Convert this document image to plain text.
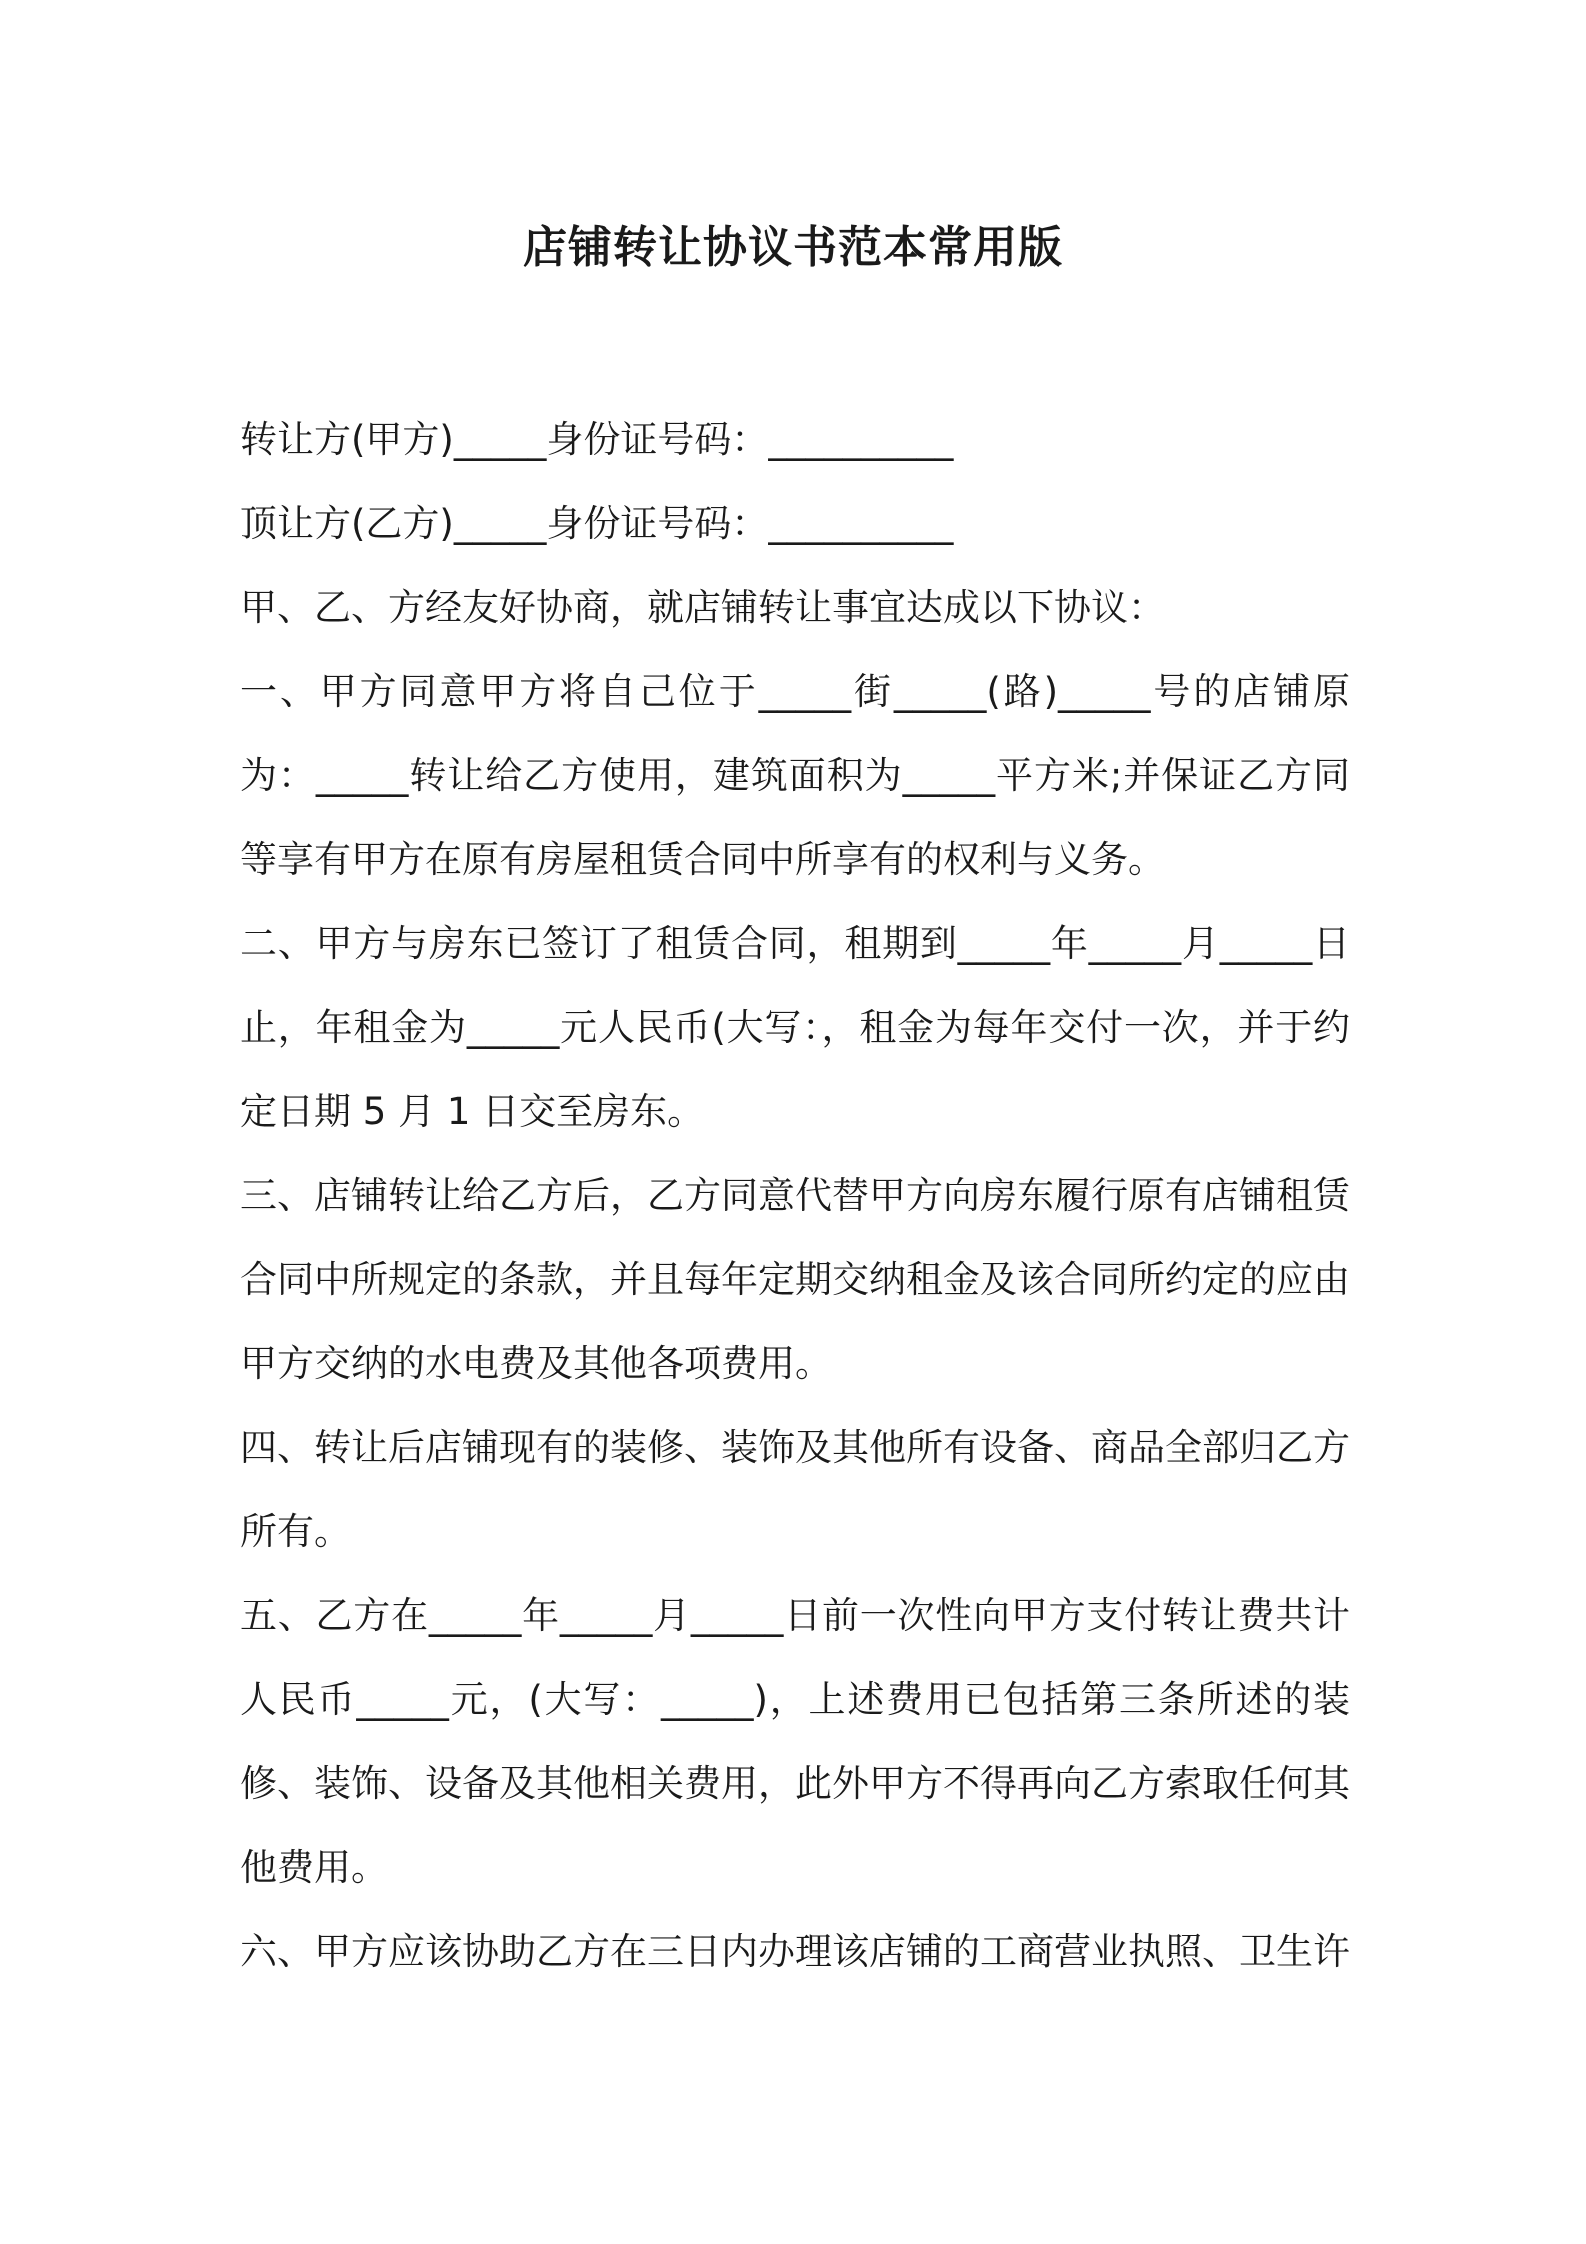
店铺转让协议书范本常用版

转让方(甲方)_____身份证号码：__________

顶让方(乙方)_____身份证号码：__________

甲、乙、方经友好协商，就店铺转让事宜达成以下协议：

一、甲方同意甲方将自己位于_____街_____(路)_____号的店铺原为：_____转让给乙方使用，建筑面积为_____平方米;并保证乙方同等享有甲方在原有房屋租赁合同中所享有的权利与义务。

二、甲方与房东已签订了租赁合同，租期到_____年_____月_____日止，年租金为_____元人民币(大写：，租金为每年交付一次，并于约定日期 5 月 1 日交至房东。

三、店铺转让给乙方后，乙方同意代替甲方向房东履行原有店铺租赁合同中所规定的条款，并且每年定期交纳租金及该合同所约定的应由甲方交纳的水电费及其他各项费用。

四、转让后店铺现有的装修、装饰及其他所有设备、商品全部归乙方所有。

五、乙方在_____年_____月_____日前一次性向甲方支付转让费共计人民币_____元，(大写：_____)，上述费用已包括第三条所述的装修、装饰、设备及其他相关费用，此外甲方不得再向乙方索取任何其他费用。

六、甲方应该协助乙方在三日内办理该店铺的工商营业执照、卫生许
